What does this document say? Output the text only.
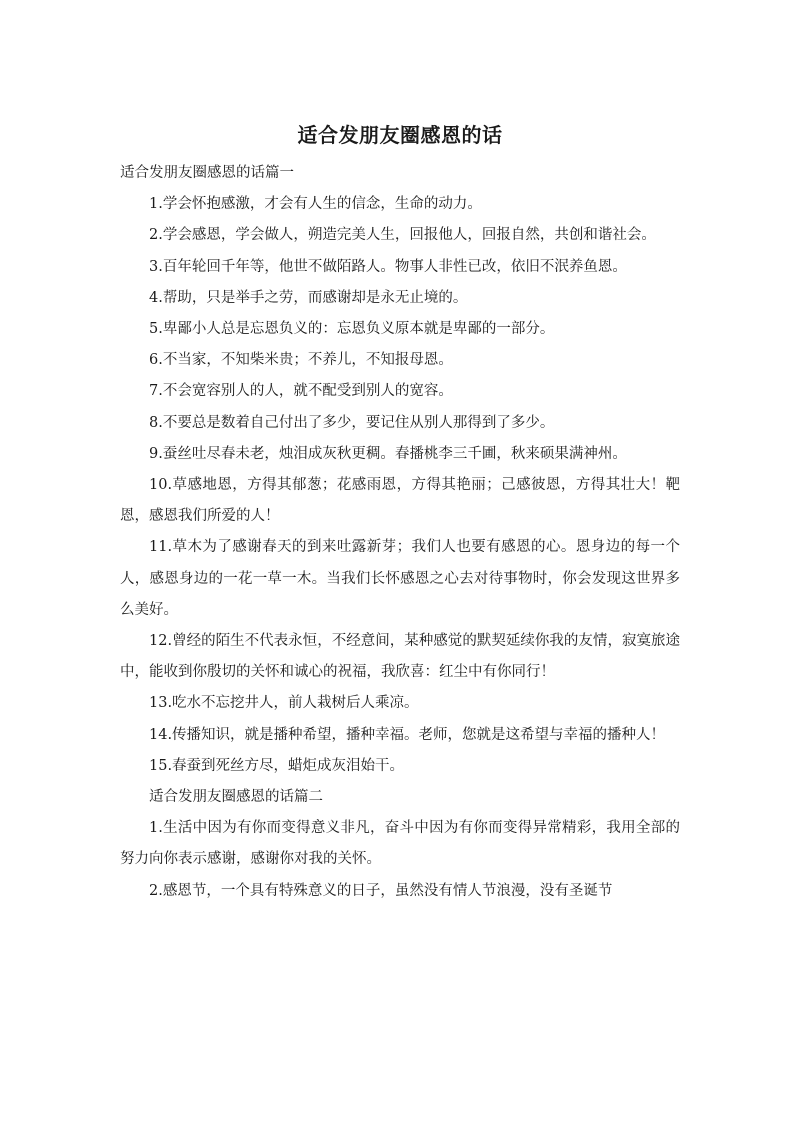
适合发朋友圈感恩的话

适合发朋友圈感恩的话篇一

1.学会怀抱感激，才会有人生的信念，生命的动力。

2.学会感恩，学会做人，朔造完美人生，回报他人，回报自然，共创和谐社会。

3.百年轮回千年等，他世不做陌路人。物事人非性已改，依旧不泯养鱼恩。

4.帮助，只是举手之劳，而感谢却是永无止境的。

5.卑鄙小人总是忘恩负义的：忘恩负义原本就是卑鄙的一部分。

6.不当家，不知柴米贵；不养儿，不知报母恩。

7.不会宽容别人的人，就不配受到别人的宽容。

8.不要总是数着自己付出了多少，要记住从别人那得到了多少。

9.蚕丝吐尽春未老，烛泪成灰秋更稠。春播桃李三千圃，秋来硕果满神州。

10.草感地恩，方得其郁葱；花感雨恩，方得其艳丽；己感彼恩，方得其壮大！靶恩，感恩我们所爱的人！

11.草木为了感谢春天的到来吐露新芽；我们人也要有感恩的心。恩身边的每一个人，感恩身边的一花一草一木。当我们长怀感恩之心去对待事物时，你会发现这世界多么美好。

12.曾经的陌生不代表永恒，不经意间，某种感觉的默契延续你我的友情，寂寞旅途中，能收到你殷切的关怀和诚心的祝福，我欣喜：红尘中有你同行！

13.吃水不忘挖井人，前人栽树后人乘凉。

14.传播知识，就是播种希望，播种幸福。老师，您就是这希望与幸福的播种人！

15.春蚕到死丝方尽，蜡炬成灰泪始干。

适合发朋友圈感恩的话篇二

1.生活中因为有你而变得意义非凡，奋斗中因为有你而变得异常精彩，我用全部的努力向你表示感谢，感谢你对我的关怀。

2.感恩节，一个具有特殊意义的日子，虽然没有情人节浪漫，没有圣诞节
